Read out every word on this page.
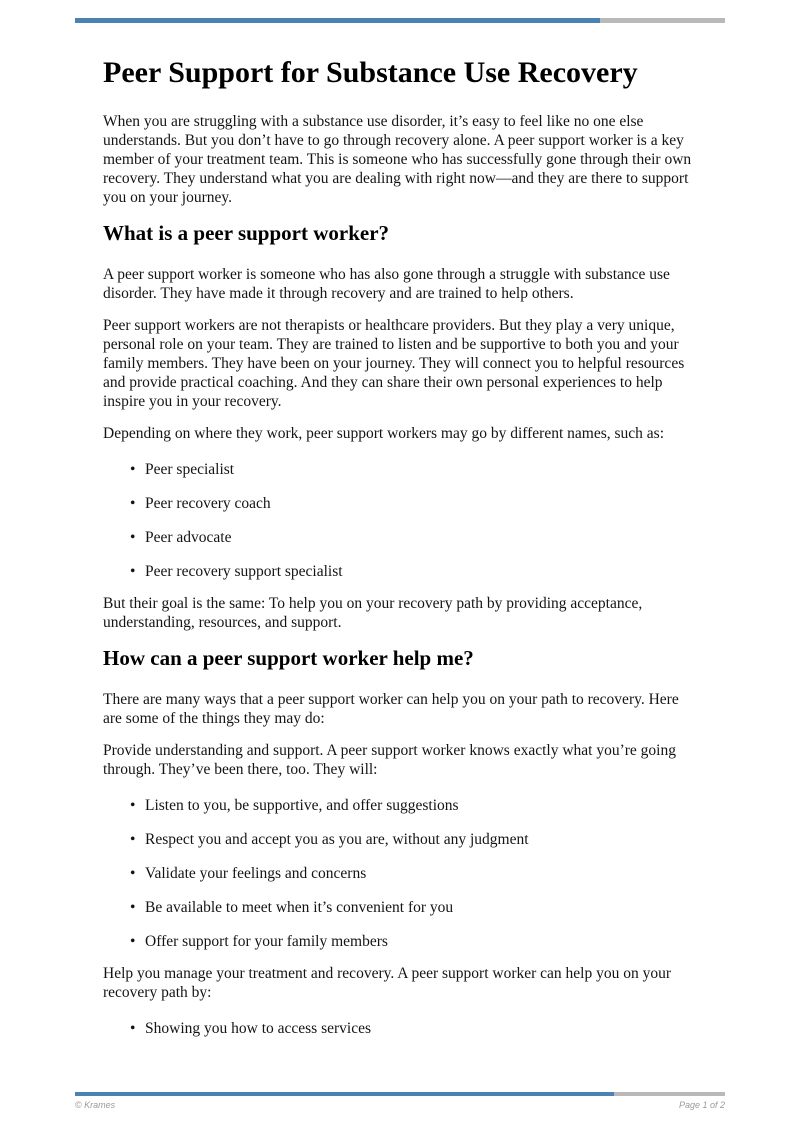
Peer Support for Substance Use Recovery

When you are struggling with a substance use disorder, it’s easy to feel like no one else understands. But you don’t have to go through recovery alone. A peer support worker is a key member of your treatment team. This is someone who has successfully gone through their own recovery. They understand what you are dealing with right now—and they are there to support you on your journey.

What is a peer support worker?

A peer support worker is someone who has also gone through a struggle with substance use disorder. They have made it through recovery and are trained to help others.

Peer support workers are not therapists or healthcare providers. But they play a very unique, personal role on your team. They are trained to listen and be supportive to both you and your family members. They have been on your journey. They will connect you to helpful resources and provide practical coaching. And they can share their own personal experiences to help inspire you in your recovery.

Depending on where they work, peer support workers may go by different names, such as:

• Peer specialist
• Peer recovery coach
• Peer advocate
• Peer recovery support specialist

But their goal is the same: To help you on your recovery path by providing acceptance, understanding, resources, and support.

How can a peer support worker help me?

There are many ways that a peer support worker can help you on your path to recovery. Here are some of the things they may do:

Provide understanding and support. A peer support worker knows exactly what you’re going through. They’ve been there, too. They will:

• Listen to you, be supportive, and offer suggestions
• Respect you and accept you as you are, without any judgment
• Validate your feelings and concerns
• Be available to meet when it’s convenient for you
• Offer support for your family members

Help you manage your treatment and recovery. A peer support worker can help you on your recovery path by:

• Showing you how to access services
© Krames	Page 1 of 2
